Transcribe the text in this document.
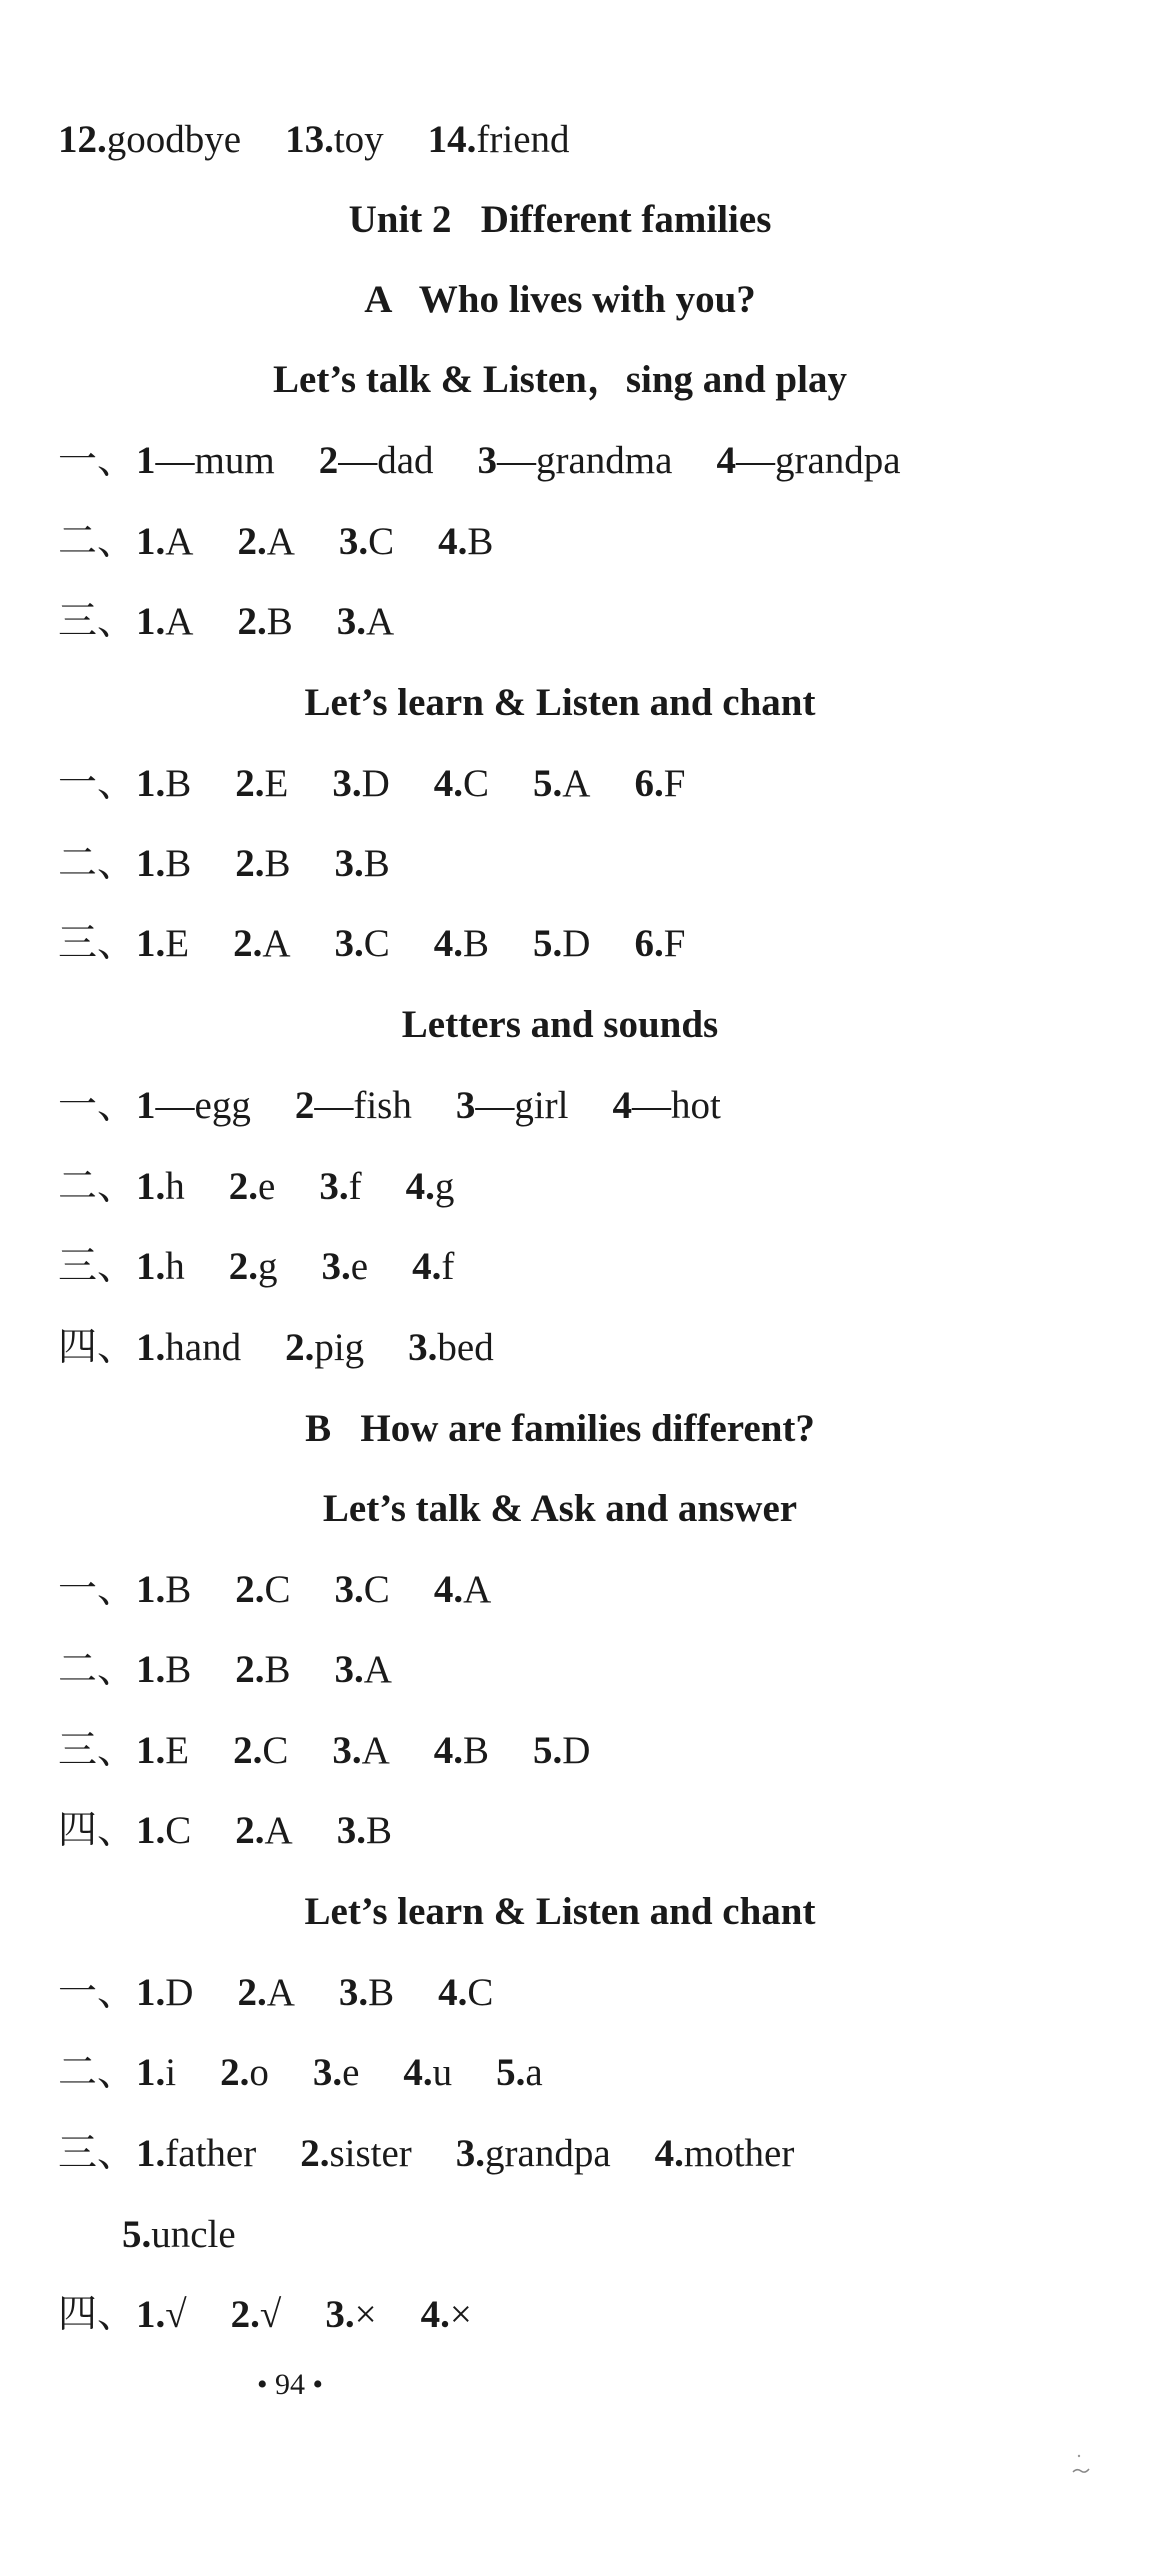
12.goodbye 13.toy 14.friend
Unit 2   Different families
A   Who lives with you?
Let’s talk & Listen，sing and play
一、1—mum 2—dad 3—grandma 4—grandpa
二、1.A 2.A 3.C 4.B
三、1.A 2.B 3.A
Let’s learn & Listen and chant
一、1.B 2.E 3.D 4.C 5.A 6.F
二、1.B 2.B 3.B
三、1.E 2.A 3.C 4.B 5.D 6.F
Letters and sounds
一、1—egg 2—fish 3—girl 4—hot
二、1.h 2.e 3.f 4.g
三、1.h 2.g 3.e 4.f
四、1.hand 2.pig 3.bed
B   How are families different?
Let’s talk & Ask and answer
一、1.B 2.C 3.C 4.A
二、1.B 2.B 3.A
三、1.E 2.C 3.A 4.B 5.D
四、1.C 2.A 3.B
Let’s learn & Listen and chant
一、1.D 2.A 3.B 4.C
二、1.i 2.o 3.e 4.u 5.a
三、1.father 2.sister 3.grandpa 4.mother
5.uncle
四、1.√ 2.√ 3.× 4.×
• 94 •
